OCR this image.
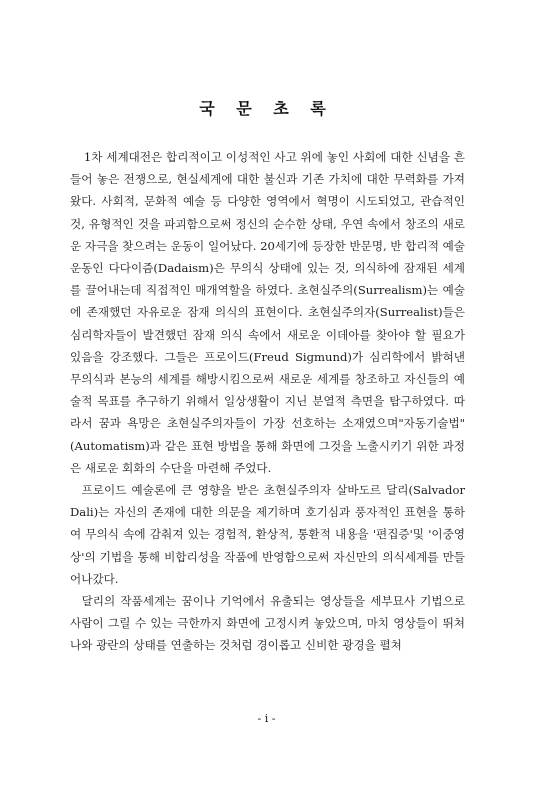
국 문 초 록

1차 세계대전은 합리적이고 이성적인 사고 위에 놓인 사회에 대한 신념을 흔들어 놓은 전쟁으로, 현실세계에 대한 불신과 기존 가치에 대한 무력화를 가져왔다. 사회적, 문화적 예술 등 다양한 영역에서 혁명이 시도되었고, 관습적인 것, 유형적인 것을 파괴함으로써 정신의 순수한 상태, 우연 속에서 창조의 새로운 자극을 찾으려는 운동이 일어났다. 20세기에 등장한 반문명, 반 합리적 예술운동인 다다이즘(Dadaism)은 무의식 상태에 있는 것, 의식하에 잠재된 세계를 끌어내는데 직접적인 매개역할을 하였다. 초현실주의(Surrealism)는 예술에 존재했던 자유로운 잠재 의식의 표현이다. 초현실주의자(Surrealist)들은 심리학자들이 발견했던 잠재 의식 속에서 새로운 이데아를 찾아야 할 필요가 있음을 강조했다. 그들은 프로이드(Freud Sigmund)가 심리학에서 밝혀낸 무의식과 본능의 세계를 해방시킴으로써 새로운 세계를 창조하고 자신들의 예술적 목표를 추구하기 위해서 일상생활이 지닌 분열적 측면을 탐구하였다. 따라서 꿈과 욕망은 초현실주의자들이 가장 선호하는 소재였으며"자동기술법"(Automatism)과 같은 표현 방법을 통해 화면에 그것을 노출시키기 위한 과정은 새로운 회화의 수단을 마련해 주었다.

프로이드 예술론에 큰 영향을 받은 초현실주의자 살바도르 달리(Salvador Dali)는 자신의 존재에 대한 의문을 제기하며 호기심과 풍자적인 표현을 통하여 무의식 속에 감춰져 있는 경험적, 환상적, 통환적 내용을 '편집증'및 '이중영상'의 기법을 통해 비합리성을 작품에 반영함으로써 자신만의 의식세계를 만들어나갔다.

달리의 작품세계는 꿈이나 기억에서 유출되는 영상들을 세부묘사 기법으로 사람이 그릴 수 있는 극한까지 화면에 고정시켜 놓았으며, 마치 영상들이 뛰쳐나와 광란의 상태를 연출하는 것처럼 경이롭고 신비한 광경을 펼쳐

- i -
